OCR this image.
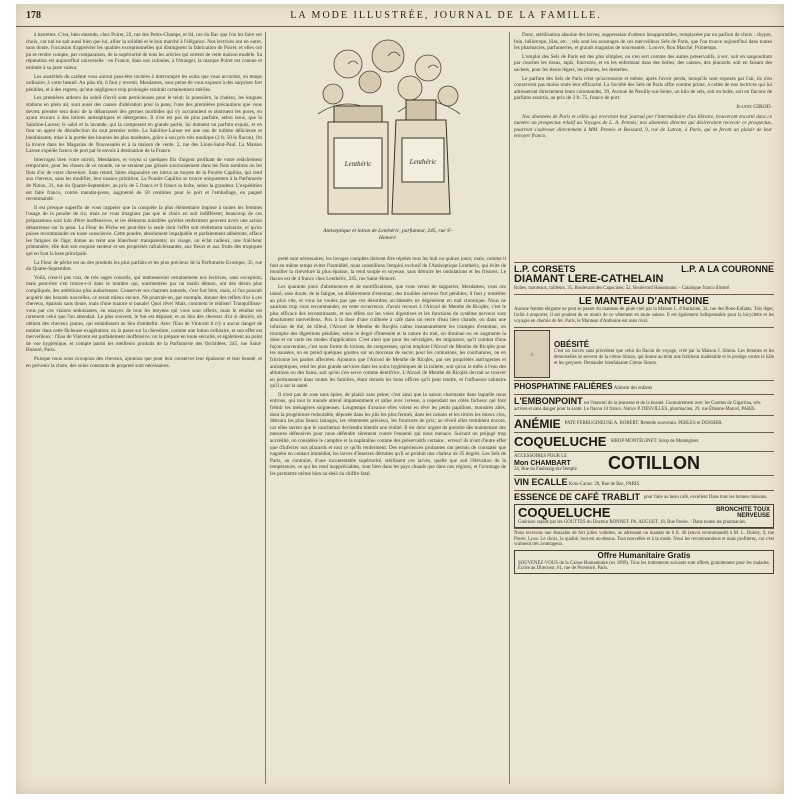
178	LA MODE ILLUSTRÉE, JOURNAL DE LA FAMILLE.

à barrettes. C'est, bien entendu, chez Poiret, 22, rue des Petits-Champs, et 84, rue du Bac que l'on les faire ses choix, car nul ne sait aussi bien que lui, allier la solidité et le bon marché à l'élégance. Nos lectrices ont en outre, sans doute, l'occasion d'apprécier les qualités exceptionnelles qui distinguent la fabrication de Poiret, et elles ont pu se rendre compte, par comparaison, de la supériorité de tous les articles qui sortent de cette maison modèle. Sa réputation est aujourd'hui universelle : en France, dans nos colonies, à l'étranger, la marque Poiret est connue et estimée à sa juste valeur.

Les austérités du carême vous auront peut-être incitées à interrompre les soins que vous accordez, en temps ordinaire, à votre beauté. Au plus tôt, il faut y revenir, Mesdames, sous peine de vous exposer à des surprises fort pénibles, et à des regrets, qu'une négligence trop prolongée rendrait certainement stériles.

Les premières ardeurs du soleil d'avril sont pernicieuses pour le teint; la poussière, la chaleur, les longues stations en plein air, sont aussi des causes d'altération pour la peau; l'une des premières précautions que vous devrez prendre sera donc de la débarrasser des germes morbides qui s'y accumulent et obstruent les pores, en ayant recours à des lotions antiseptiques et détergentes. Il n'en est pas de plus parfaite, selon nous, que la Saloline-Larose; le salol et la lavande, qui la composent en grande partie, lui donnent un parfum exquis, et en font un agent de désinfection du tout premier ordre. La Saloline-Larose est une eau de toilette délicieuse et bienfaisante, mise à la portée des bourses les plus modestes, grâce à son prix très modique (2 fr. 50 le flacon). On la trouve dans les Magasins de Nouveautés et à la maison de vente, 2, rue des Lions-Saint-Paul. La Maison Larose expédie franco de port par le envois à destination de la France.

Interrogez bien votre miroir, Mesdames, et voyez si quelques fils d'argent profitant de votre relâchement temporaire, pour les choses de ce monde, ne se seraient pas glissés sournoisement dans les flots sombres ou les flots d'or de votre chevelure. Sans retard, faites disparaître ces intrus au moyen de la Poudre Capillus, qui rend aux cheveux, sans les modifier, leur nuance primitive. La Poudre Capillus se trouve uniquement à la Parfumerie de Ninon, 31, rue du Quatre-Septembre, au prix de 5 francs et 9 francs la boîte, selon la grandeur. L'expédition est faite franco, contre mandat-poste, augmenté de 50 centimes pour le port et l'emballage, en paquet recommandé.

Il est presque superflu de vous rappeler que la conquête la plus élémentaire impose à toutes les femmes l'usage de la poudre de riz; mais ne vous imaginez pas que le choix en soit indifférent; beaucoup de ces préparations sont loin d'être inoffensives, et les éléments nuisibles qu'elles renferment peuvent avoir une action désastreuse sur la peau. La Fleur de Pêche est peut-être la seule dont l'effet soit réellement salutaire, et qu'on puisse recommander en toute conscience. Cette poudre, absolument impalpable et parfaitement adhérente, efface les fatigues de l'âge; donne au teint une blancheur transparente; un visage, un éclat radieux, une fraîcheur printanière; elle doit son exquise senteur et ses propriétés rafraîchissantes, aux fleurs et aux fruits des tropiques qui en font la base principale.

La Fleur de pêche est un des produits les plus parfaits et les plus précieux de la Parfumerie Exotique, 35, rue du Quatre-Septembre.

Voilà, n'est-il pas vrai, de très sages conseils, qui intéresseront certainement nos lectrices, sans exception; mais peut-être s'en trouve-t-il dans le nombre qui, tourmentées par un malin démon, ont des désirs plus compliqués, des ambitions plus audacieuses. Conserver ses charmes naturels, c'est fort bien, mais, si l'on pouvait acquérir des beautés nouvelles, ce serait mieux encore. Ne pourrait-on, par exemple, donner des reflets d'or à ces cheveux, épaissis sans doute, mais d'une nuance si banale! Quoi rêve! Mais, comment le réaliser! Tranquillisez-vous par ces visions séduisantes, en essayez de tous les moyens qui vous sont offerts, mais le résultat est rarement celui que l'on attendait. Le plus souvent, le but est dépassé, et au lieu des cheveux d'or si désirés, on obtient des cheveux jaunes, qui enlaidissent au lieu d'embellir. Avec l'Eau de Vintcent il n'y a aucun danger de tomber dans cette fâcheuse exagération; on la passe sur la chevelure, comme une lotion ordinaire, et son effet est merveilleux : l'Eau de Vintcent est parfaitement inoffensive; on la prépare en toute sécurité, et également au point de vue hygiénique, et compte parmi les meilleurs produits de la Parfumerie des Orchidées, 245, rue Saint-Honoré, Paris.

Puisque nous nous occupons des cheveux, ajoutons que pour leur conserver leur épaisseur et leur beauté, et en prévenir la chute, des soins constants de propreté sont nécessaires.

Lenthéric	Lenthéric
Antiseptique et lotion de Lenthéric, parfumeur, 245, rue S'-Honoré.

preté sont nécessaires; les lavages complets doivent être répétés tous les huit ou quinze jours; mais, comme il faut en même temps éviter l'humidité, nous conseillons l'emploi exclusif de l'Antiseptique Lenthéric, qui évite de mouiller la chevelure la plus épaisse, la rend souple et soyeuse, sans détruire les ondulations et les frisures. Le flacon est de 4 francs chez Lenthéric, 245, rue Saint-Honoré.

Les quarante jours d'abstinences et de mortifications, que vous venez de supporter, Mesdames, vous ont laissé, sans doute, de la fatigue, un délabrement d'estomac, des troubles nerveux fort pénibles; il faut y remédier au plus vite, et vous ne voulez pas que ces désordres accidentels ne dégénèrent en mal chronique. Nous ne saurions trop vous recommander, en cette occurrence, d'avoir recours à l'Alcool de Menthe de Ricqlès; c'est le plus efficace des reconstituants, et ses effets sur les voies digestives et les fonctions du système nerveux sont absolument merveilleux. Pris à la dose d'une cuillerée à café dans un verre d'eau bien chaude, ou dans une infusion de thé, de tilleul, l'Alcool de Menthe de Ricqlès calme instantanément les crampes d'estomac, en triomphe des digestions pénibles; selon le degré d'intensité et la nature du mal, on diminue ou on augmente la dose et on varie les modes d'application. C'est ainsi que pour les névralgies, les migraines, qu'il combat d'une façon souveraine, c'est sous forme de lotions, de compresses, qu'on emploie l'Alcool de Menthe de Ricqlès pour les nausées, on en prend quelques gouttes sur un morceau de sucre; pour les contusions, les courbatures, on en frictionne les parties affectées. Ajoutons que l'Alcool de Menthe de Ricqlès, par ses propriétés astringentes et antiseptiques, rend les plus grands services dans les soins hygiéniques de la toilette, soit qu'on le mêle à l'eau des ablutions ou des bains, soit qu'on s'en serve comme dentifrice. L'Alcool de Menthe de Ricqlès devrait se trouver en permanence dans toutes les familles, étant donnés les bons offices qu'il peut rendre, et l'influence salutaire qu'il a sur la santé.

Il n'est pas de rose sans épine, de plaisir sans peine; c'est ainsi que la saison charmante dans laquelle nous entrons, qui tout le monde attend impatiemment et salue avec ivresse, a cependant ses côtés fâcheux qui font frémir les ménagères soigneuses. Longtemps d'avance elles voient en rêve les petits papillons, monstres ailés, dont la progéniture redoutable, déposée dans les plis les plus fermés, dans les caisses et les tiroirs les mieux clos, détruira les plus beaux lainages, les vêtements précieux, les fourrures de prix; au réveil elles tremblent encore, car elles savent que le cauchemar deviendra bientôt une réalité. Il est donc urgent de prendre dès maintenant des mesures défensives pour nous défendre sûrement contre l'ennemi qui nous menace. Suivant un préjugé trop accrédité, on considère le camphre et la naphtaline comme des préservatifs certains : erreur! ils n'ont d'autre effet que d'infecter nos placards et tout ce qu'ils renferment. Des expériences probantes ont permis de constater que naguère en contact immédiat, les larves d'insectes détruites qu'il se produit une chaleur de 25 degrés. Les Sels de Paris, au contraire, d'une incontestable supériorité, stérilisent ces larves, quelle que soit l'élévation de la température, ce qui les rend inappréciables, sont bien dans les pays chauds que dans nos régions, et l'avantage de les permettre même bien au-delà du chiffre fatal.

Donc, stérilisation absolue des larves; suppression d'odeurs insupportables, remplacées par un parfum de choix : chypre, foin, héliotrope, lilas, etc. ; tels sont les avantages de ces merveilleux Sels de Paris, que l'on trouve aujourd'hui dans toutes les pharmacies, parfumeries, et grands magasins de nouveautés : Louvre, Bon Marché, Printemps.

L'emploi des Sels de Paris est des plus simples; on s'en sert comme des autres préservatifs, à sec, soit en saupoudrant par couches les tissus, tapis, fourrures, et en les enfermant dans des boîtes, des caisses, des placards; soit en faisant des sachets, pour les tissus légers, les plumes, les dentelles.

Le parfum des Sels de Paris n'est qu'accessoire et même, après l'avoir perdu, lorsqu'ils sont exposés par l'air, ils n'en conservent pas moins toute leur efficacité. La Société des Sels de Paris offre comme prime, à celles de nos lectrices qui lui adresseront directement leurs commandes, 39, Avenue de Neuilly-sur-Seine, un kilo de sels, soit en boîte, soit en flacons de parfums assortis, au prix de 3 fr. 75, franco de port.

Jeanne GIROD.

Nos abonnées de Paris et celles qui recevront leur journal par l'intermédiaire d'un libraire, trouveront encarté dans ce numéro un prospectus relatif au Voyages de L. A. Pennès; nos abonnées directes qui désireraient recevoir ce prospectus, pourront s'adresser directement à MM. Pennès et Boissard, 9, rue de Latran, à Paris, qui se feront un plaisir de leur envoyer franco.

L.P. CORSETS	L.P. A LA COURONNE
DIAMANT LERE-CATHELAIN
Robes, manteaux, tailleurs. 35, Boulevard des Capucines; 52, Boulevard Haussmann. - Catalogue franco illustré.
LE MANTEAU D'ANTHOINE
Aucune femme élégante ne peut se passer du manteau de pluie créé par la Maison L. d'Anthoine, 34, rue des Bons-Enfants. Très léger, facile à emporter, il est prudent de se munir de ce vêtement en toute saison. Il est également indispensable pour la bicyclette et les voyages en chemin de fer. Paris, le Manteau d'Anthoine est sans rival.
△
OBÉSITÉ
C'est un succès sans précédent que celui du flacon de voyage, créé par la Maison J. Simon. Les femmes et les demoiselles se servent de la crème Simon, qui donne au teint une fraîcheur inaltérable et le protège contre le hâle et les gerçures. Demander bienfaisante Crème Simon.
PHOSPHATINE FALIÈRES Aliment des enfants
L'EMBONPOINT est l'ennemi de la jeunesse et de la beauté. Contrairement avec les Gouttes de Gigartina, très actives et sans danger pour la santé. Le flacon 10 francs. Notice P. DESVILLES, pharmacien, 29, rue Étienne-Marcel, PARIS.
ANÉMIE PATE FERRUGINEUSE A. ROBERT. Remède souverain. PERLES et DOSSIER.
COQUELUCHE SIROP MONTÉGINET. Sirop de Montéginet.
ACCESSOIRES POUR LE
Mon CHAMBART
24, Rue du Faubourg-du-Temple	COTILLON
VIN ECALLE Koto-Cacao. 28, Rue de Bac, PARIS.
ESSENCE DE CAFÉ TRABLIT pour faire au beau café, excellent Dans tous les bonnes maisons.
COQUELUCHE	BRONCHITE TOUX NERVEUSE
Guérison rapide par les GOUTTES du Docteur BONNET. Ph. AUGUET, 18, Rue Pavée. - Dans toutes les pharmacies.
Nous recevons une douzaine de fort jolies voilettes, se adressant un mandat de 6 fr. 40 (envoi recommandé) à M. L. Dolrey, 9, rue Pavée, Lyon. Le choix, la qualité, tout est au-dessus. Tout nouvelles et à la mode. Nous les recommandons et mais profiterez, car c'est vraiment très avantageux.
Offre Humanitaire Gratis
SOUVENEZ-VOUS de la Caisse Humanitaire (ex 1899). Tous les traitements suivants sont offerts gratuitement pour les malades. Écrire au Directeur, 61, rue de Provence, Paris.
